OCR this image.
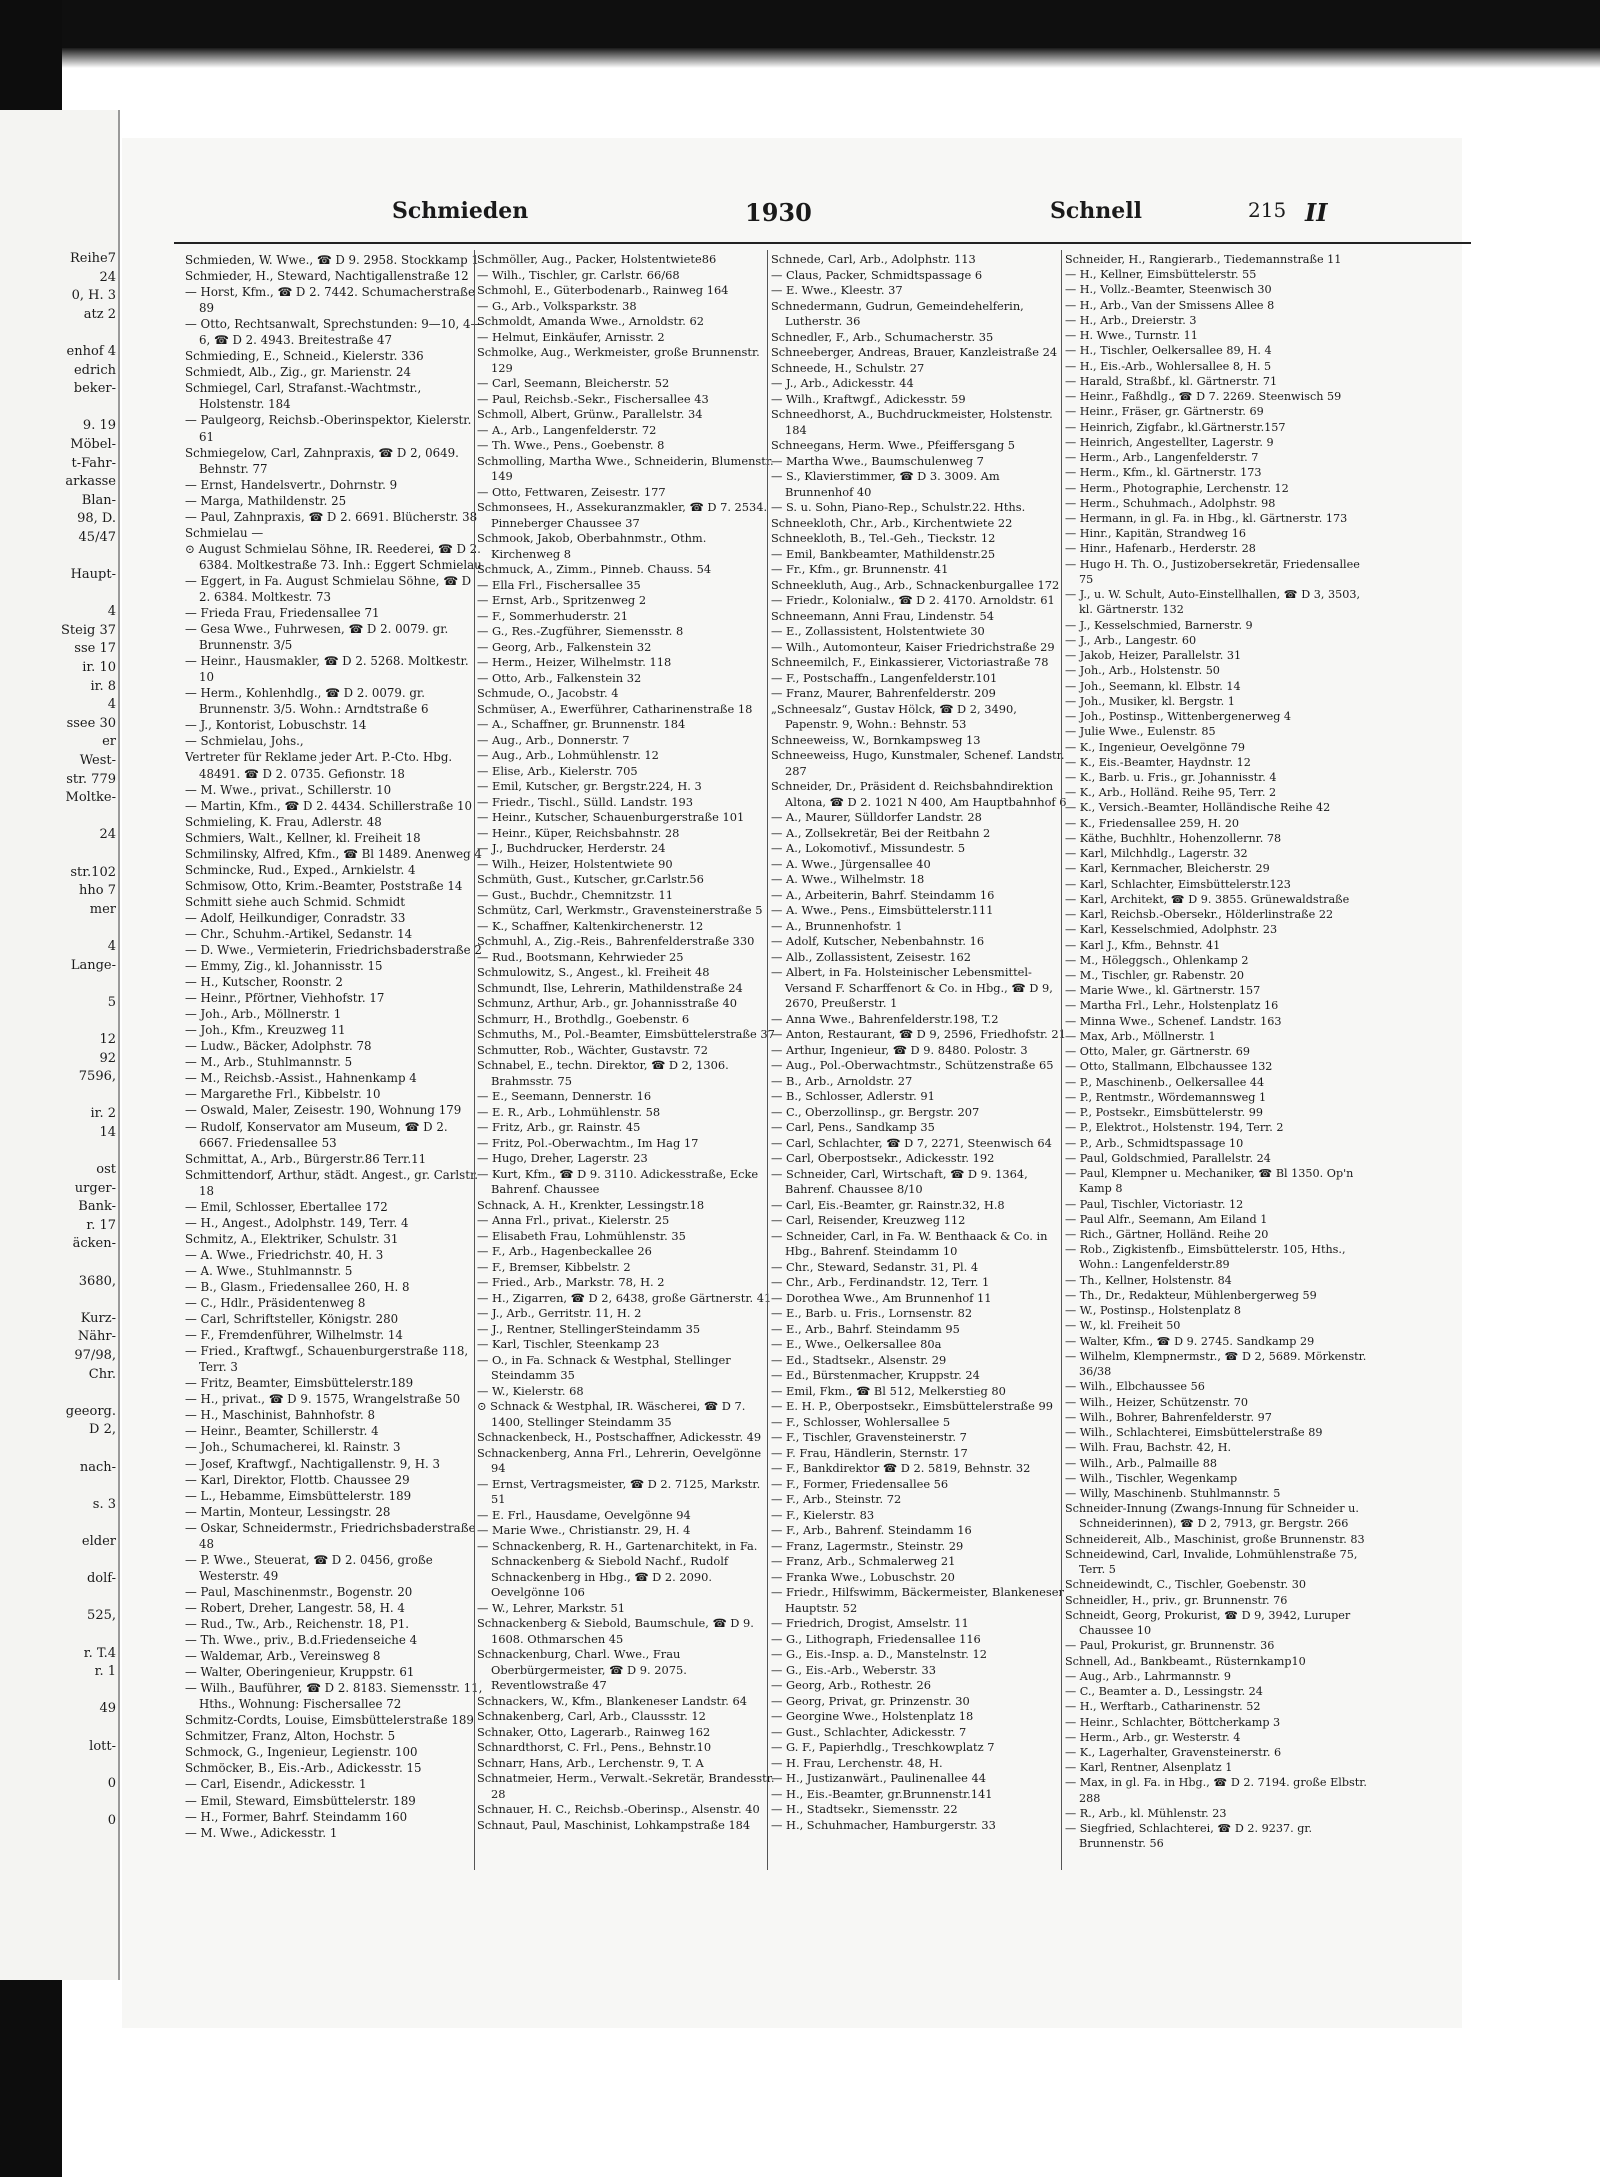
Reihe7
24
0, H. 3
atz 2

enhof 4
edrich
beker-

9. 19
Möbel-
t-Fahr-
arkasse
Blan-
98, D.
45/47

Haupt-

4
Steig 37
sse 17
ir. 10
ir. 8
4
ssee 30
er
West-
str. 779
Moltke-

24

str.102
hho 7
mer

4
Lange-

5

12
92
7596,

ir. 2
14

ost
urger-
Bank-
r. 17
äcken-

3680,

Kurz-
Nähr-
97/98,
Chr.

geeorg.
D 2,

nach-

s. 3

elder

dolf-

525,

r. T.4
r. 1

49

lott-

0

0
Schmieden	1930	Schnell	215 II
Schmieden, W. Wwe., ☎ D 9. 2958. Stockkamp 1
Schmieder, H., Steward, Nachtigallenstraße 12
— Horst, Kfm., ☎ D 2. 7442. Schumacherstraße 89
— Otto, Rechtsanwalt, Sprechstunden: 9—10, 4—6, ☎ D 2. 4943. Breitestraße 47
Schmieding, E., Schneid., Kielerstr. 336
Schmiedt, Alb., Zig., gr. Marienstr. 24
Schmiegel, Carl, Strafanst.-Wachtmstr., Holstenstr. 184
— Paulgeorg, Reichsb.-Oberinspektor, Kielerstr. 61
Schmiegelow, Carl, Zahnpraxis, ☎ D 2, 0649. Behnstr. 77
— Ernst, Handelsvertr., Dohrnstr. 9
— Marga, Mathildenstr. 25
— Paul, Zahnpraxis, ☎ D 2. 6691. Blücherstr. 38
Schmielau —
⊙ August Schmielau Söhne, IR. Reederei, ☎ D 2. 6384. Moltkestraße 73. Inh.: Eggert Schmielau
— Eggert, in Fa. August Schmielau Söhne, ☎ D 2. 6384. Moltkestr. 73
— Frieda Frau, Friedensallee 71
— Gesa Wwe., Fuhrwesen, ☎ D 2. 0079. gr. Brunnenstr. 3/5
— Heinr., Hausmakler, ☎ D 2. 5268. Moltkestr. 10
— Herm., Kohlenhdlg., ☎ D 2. 0079. gr. Brunnenstr. 3/5. Wohn.: Arndtstraße 6
— J., Kontorist, Lobuschstr. 14
— Schmielau, Johs.,
Vertreter für Reklame jeder Art. P.-Cto. Hbg. 48491. ☎ D 2. 0735. Gefionstr. 18
— M. Wwe., privat., Schillerstr. 10
— Martin, Kfm., ☎ D 2. 4434. Schillerstraße 10
Schmieling, K. Frau, Adlerstr. 48
Schmiers, Walt., Kellner, kl. Freiheit 18
Schmilinsky, Alfred, Kfm., ☎ Bl 1489. Anenweg 4
Schmincke, Rud., Exped., Arnkielstr. 4
Schmisow, Otto, Krim.-Beamter, Poststraße 14
Schmitt siehe auch Schmid. Schmidt
— Adolf, Heilkundiger, Conradstr. 33
— Chr., Schuhm.-Artikel, Sedanstr. 14
— D. Wwe., Vermieterin, Friedrichsbaderstraße 2
— Emmy, Zig., kl. Johannisstr. 15
— H., Kutscher, Roonstr. 2
— Heinr., Pförtner, Viehhofstr. 17
— Joh., Arb., Möllnerstr. 1
— Joh., Kfm., Kreuzweg 11
— Ludw., Bäcker, Adolphstr. 78
— M., Arb., Stuhlmannstr. 5
— M., Reichsb.-Assist., Hahnenkamp 4
— Margarethe Frl., Kibbelstr. 10
— Oswald, Maler, Zeisestr. 190, Wohnung 179
— Rudolf, Konservator am Museum, ☎ D 2. 6667. Friedensallee 53
Schmittat, A., Arb., Bürgerstr.86 Terr.11
Schmittendorf, Arthur, städt. Angest., gr. Carlstr. 18
— Emil, Schlosser, Ebertallee 172
— H., Angest., Adolphstr. 149, Terr. 4
Schmitz, A., Elektriker, Schulstr. 31
— A. Wwe., Friedrichstr. 40, H. 3
— A. Wwe., Stuhlmannstr. 5
— B., Glasm., Friedensallee 260, H. 8
— C., Hdlr., Präsidentenweg 8
— Carl, Schriftsteller, Königstr. 280
— F., Fremdenführer, Wilhelmstr. 14
— Fried., Kraftwgf., Schauenburgerstraße 118, Terr. 3
— Fritz, Beamter, Eimsbüttelerstr.189
— H., privat., ☎ D 9. 1575, Wrangelstraße 50
— H., Maschinist, Bahnhofstr. 8
— Heinr., Beamter, Schillerstr. 4
— Joh., Schumacherei, kl. Rainstr. 3
— Josef, Kraftwgf., Nachtigallenstr. 9, H. 3
— Karl, Direktor, Flottb. Chaussee 29
— L., Hebamme, Eimsbüttelerstr. 189
— Martin, Monteur, Lessingstr. 28
— Oskar, Schneidermstr., Friedrichsbaderstraße 48
— P. Wwe., Steuerat, ☎ D 2. 0456, große Westerstr. 49
— Paul, Maschinenmstr., Bogenstr. 20
— Robert, Dreher, Langestr. 58, H. 4
— Rud., Tw., Arb., Reichenstr. 18, P1.
— Th. Wwe., priv., B.d.Friedenseiche 4
— Waldemar, Arb., Vereinsweg 8
— Walter, Oberingenieur, Kruppstr. 61
— Wilh., Bauführer, ☎ D 2. 8183. Siemensstr. 11, Hths., Wohnung: Fischersallee 72
Schmitz-Cordts, Louise, Eimsbüttelerstraße 189
Schmitzer, Franz, Alton, Hochstr. 5
Schmock, G., Ingenieur, Legienstr. 100
Schmöcker, B., Eis.-Arb., Adickesstr. 15
— Carl, Eisendr., Adickesstr. 1
— Emil, Steward, Eimsbüttelerstr. 189
— H., Former, Bahrf. Steindamm 160
— M. Wwe., Adickesstr. 1
Schmöller, Aug., Packer, Holstentwiete86
— Wilh., Tischler, gr. Carlstr. 66/68
Schmohl, E., Güterbodenarb., Rainweg 164
— G., Arb., Volksparkstr. 38
Schmoldt, Amanda Wwe., Arnoldstr. 62
— Helmut, Einkäufer, Arnisstr. 2
Schmolke, Aug., Werkmeister, große Brunnenstr. 129
— Carl, Seemann, Bleicherstr. 52
— Paul, Reichsb.-Sekr., Fischersallee 43
Schmoll, Albert, Grünw., Parallelstr. 34
— A., Arb., Langenfelderstr. 72
— Th. Wwe., Pens., Goebenstr. 8
Schmolling, Martha Wwe., Schneiderin, Blumenstr. 149
— Otto, Fettwaren, Zeisestr. 177
Schmonsees, H., Assekuranzmakler, ☎ D 7. 2534. Pinneberger Chaussee 37
Schmook, Jakob, Oberbahnmstr., Othm. Kirchenweg 8
Schmuck, A., Zimm., Pinneb. Chauss. 54
— Ella Frl., Fischersallee 35
— Ernst, Arb., Spritzenweg 2
— F., Sommerhuderstr. 21
— G., Res.-Zugführer, Siemensstr. 8
— Georg, Arb., Falkenstein 32
— Herm., Heizer, Wilhelmstr. 118
— Otto, Arb., Falkenstein 32
Schmude, O., Jacobstr. 4
Schmüser, A., Ewerführer, Catharinenstraße 18
— A., Schaffner, gr. Brunnenstr. 184
— Aug., Arb., Donnerstr. 7
— Aug., Arb., Lohmühlenstr. 12
— Elise, Arb., Kielerstr. 705
— Emil, Kutscher, gr. Bergstr.224, H. 3
— Friedr., Tischl., Sülld. Landstr. 193
— Heinr., Kutscher, Schauenburgerstraße 101
— Heinr., Küper, Reichsbahnstr. 28
— J., Buchdrucker, Herderstr. 24
— Wilh., Heizer, Holstentwiete 90
Schmüth, Gust., Kutscher, gr.Carlstr.56
— Gust., Buchdr., Chemnitzstr. 11
Schmütz, Carl, Werkmstr., Gravensteinerstraße 5
— K., Schaffner, Kaltenkirchenerstr. 12
Schmuhl, A., Zig.-Reis., Bahrenfelderstraße 330
— Rud., Bootsmann, Kehrwieder 25
Schmulowitz, S., Angest., kl. Freiheit 48
Schmundt, Ilse, Lehrerin, Mathildenstraße 24
Schmunz, Arthur, Arb., gr. Johannisstraße 40
Schmurr, H., Brothdlg., Goebenstr. 6
Schmuths, M., Pol.-Beamter, Eimsbüttelerstraße 37
Schmutter, Rob., Wächter, Gustavstr. 72
Schnabel, E., techn. Direktor, ☎ D 2, 1306. Brahmsstr. 75
— E., Seemann, Dennerstr. 16
— E. R., Arb., Lohmühlenstr. 58
— Fritz, Arb., gr. Rainstr. 45
— Fritz, Pol.-Oberwachtm., Im Hag 17
— Hugo, Dreher, Lagerstr. 23
— Kurt, Kfm., ☎ D 9. 3110. Adickesstraße, Ecke Bahrenf. Chaussee
Schnack, A. H., Krenkter, Lessingstr.18
— Anna Frl., privat., Kielerstr. 25
— Elisabeth Frau, Lohmühlenstr. 35
— F., Arb., Hagenbeckallee 26
— F., Bremser, Kibbelstr. 2
— Fried., Arb., Markstr. 78, H. 2
— H., Zigarren, ☎ D 2, 6438, große Gärtnerstr. 41
— J., Arb., Gerritstr. 11, H. 2
— J., Rentner, StellingerSteindamm 35
— Karl, Tischler, Steenkamp 23
— O., in Fa. Schnack & Westphal, Stellinger Steindamm 35
— W., Kielerstr. 68
⊙ Schnack & Westphal, IR. Wäscherei, ☎ D 7. 1400, Stellinger Steindamm 35
Schnackenbeck, H., Postschaffner, Adickesstr. 49
Schnackenberg, Anna Frl., Lehrerin, Oevelgönne 94
— Ernst, Vertragsmeister, ☎ D 2. 7125, Markstr. 51
— E. Frl., Hausdame, Oevelgönne 94
— Marie Wwe., Christianstr. 29, H. 4
— Schnackenberg, R. H., Gartenarchitekt, in Fa. Schnackenberg & Siebold Nachf., Rudolf Schnackenberg in Hbg., ☎ D 2. 2090. Oevelgönne 106
— W., Lehrer, Markstr. 51
Schnackenberg & Siebold, Baumschule, ☎ D 9. 1608. Othmarschen 45
Schnackenburg, Charl. Wwe., Frau Oberbürgermeister, ☎ D 9. 2075. Reventlowstraße 47
Schnackers, W., Kfm., Blankeneser Landstr. 64
Schnakenberg, Carl, Arb., Claussstr. 12
Schnaker, Otto, Lagerarb., Rainweg 162
Schnardthorst, C. Frl., Pens., Behnstr.10
Schnarr, Hans, Arb., Lerchenstr. 9, T. A
Schnatmeier, Herm., Verwalt.-Sekretär, Brandesstr. 28
Schnauer, H. C., Reichsb.-Oberinsp., Alsenstr. 40
Schnaut, Paul, Maschinist, Lohkampstraße 184
Schnede, Carl, Arb., Adolphstr. 113
— Claus, Packer, Schmidtspassage 6
— E. Wwe., Kleestr. 37
Schnedermann, Gudrun, Gemeindehelferin, Lutherstr. 36
Schnedler, F., Arb., Schumacherstr. 35
Schneeberger, Andreas, Brauer, Kanzleistraße 24
Schneede, H., Schulstr. 27
— J., Arb., Adickesstr. 44
— Wilh., Kraftwgf., Adickesstr. 59
Schneedhorst, A., Buchdruckmeister, Holstenstr. 184
Schneegans, Herm. Wwe., Pfeiffersgang 5
— Martha Wwe., Baumschulenweg 7
— S., Klavierstimmer, ☎ D 3. 3009. Am Brunnenhof 40
— S. u. Sohn, Piano-Rep., Schulstr.22. Hths.
Schneekloth, Chr., Arb., Kirchentwiete 22
Schneekloth, B., Tel.-Geh., Tieckstr. 12
— Emil, Bankbeamter, Mathildenstr.25
— Fr., Kfm., gr. Brunnenstr. 41
Schneekluth, Aug., Arb., Schnackenburgallee 172
— Friedr., Kolonialw., ☎ D 2. 4170. Arnoldstr. 61
Schneemann, Anni Frau, Lindenstr. 54
— E., Zollassistent, Holstentwiete 30
— Wilh., Automonteur, Kaiser Friedrichstraße 29
Schneemilch, F., Einkassierer, Victoriastraße 78
— F., Postschaffn., Langenfelderstr.101
— Franz, Maurer, Bahrenfelderstr. 209
„Schneesalz“, Gustav Hölck, ☎ D 2, 3490, Papenstr. 9, Wohn.: Behnstr. 53
Schneeweiss, W., Bornkampsweg 13
Schneeweiss, Hugo, Kunstmaler, Schenef. Landstr. 287
Schneider, Dr., Präsident d. Reichsbahndirektion Altona, ☎ D 2. 1021 N 400, Am Hauptbahnhof 6
— A., Maurer, Sülldorfer Landstr. 28
— A., Zollsekretär, Bei der Reitbahn 2
— A., Lokomotivf., Missundestr. 5
— A. Wwe., Jürgensallee 40
— A. Wwe., Wilhelmstr. 18
— A., Arbeiterin, Bahrf. Steindamm 16
— A. Wwe., Pens., Eimsbüttelerstr.111
— A., Brunnenhofstr. 1
— Adolf, Kutscher, Nebenbahnstr. 16
— Alb., Zollassistent, Zeisestr. 162
— Albert, in Fa. Holsteinischer Lebensmittel-Versand F. Scharffenort & Co. in Hbg., ☎ D 9, 2670, Preußerstr. 1
— Anna Wwe., Bahrenfelderstr.198, T.2
— Anton, Restaurant, ☎ D 9, 2596, Friedhofstr. 21
— Arthur, Ingenieur, ☎ D 9. 8480. Polostr. 3
— Aug., Pol.-Oberwachtmstr., Schützenstraße 65
— B., Arb., Arnoldstr. 27
— B., Schlosser, Adlerstr. 91
— C., Oberzollinsp., gr. Bergstr. 207
— Carl, Pens., Sandkamp 35
— Carl, Schlachter, ☎ D 7, 2271, Steenwisch 64
— Carl, Oberpostsekr., Adickesstr. 192
— Schneider, Carl, Wirtschaft, ☎ D 9. 1364, Bahrenf. Chaussee 8/10
— Carl, Eis.-Beamter, gr. Rainstr.32, H.8
— Carl, Reisender, Kreuzweg 112
— Schneider, Carl, in Fa. W. Benthaack & Co. in Hbg., Bahrenf. Steindamm 10
— Chr., Steward, Sedanstr. 31, Pl. 4
— Chr., Arb., Ferdinandstr. 12, Terr. 1
— Dorothea Wwe., Am Brunnenhof 11
— E., Barb. u. Fris., Lornsenstr. 82
— E., Arb., Bahrf. Steindamm 95
— E., Wwe., Oelkersallee 80a
— Ed., Stadtsekr., Alsenstr. 29
— Ed., Bürstenmacher, Kruppstr. 24
— Emil, Fkm., ☎ Bl 512, Melkerstieg 80
— E. H. P., Oberpostsekr., Eimsbüttelerstraße 99
— F., Schlosser, Wohlersallee 5
— F., Tischler, Gravensteinerstr. 7
— F. Frau, Händlerin, Sternstr. 17
— F., Bankdirektor ☎ D 2. 5819, Behnstr. 32
— F., Former, Friedensallee 56
— F., Arb., Steinstr. 72
— F., Kielerstr. 83
— F., Arb., Bahrenf. Steindamm 16
— Franz, Lagermstr., Steinstr. 29
— Franz, Arb., Schmalerweg 21
— Franka Wwe., Lobuschstr. 20
— Friedr., Hilfswimm, Bäckermeister, Blankeneser Hauptstr. 52
— Friedrich, Drogist, Amselstr. 11
— G., Lithograph, Friedensallee 116
— G., Eis.-Insp. a. D., Manstelnstr. 12
— G., Eis.-Arb., Weberstr. 33
— Georg, Arb., Rothestr. 26
— Georg, Privat, gr. Prinzenstr. 30
— Georgine Wwe., Holstenplatz 18
— Gust., Schlachter, Adickesstr. 7
— G. F., Papierhdlg., Treschkowplatz 7
— H. Frau, Lerchenstr. 48, H.
— H., Justizanwärt., Paulinenallee 44
— H., Eis.-Beamter, gr.Brunnenstr.141
— H., Stadtsekr., Siemensstr. 22
— H., Schuhmacher, Hamburgerstr. 33
Schneider, H., Rangierarb., Tiedemannstraße 11
— H., Kellner, Eimsbüttelerstr. 55
— H., Vollz.-Beamter, Steenwisch 30
— H., Arb., Van der Smissens Allee 8
— H., Arb., Dreierstr. 3
— H. Wwe., Turnstr. 11
— H., Tischler, Oelkersallee 89, H. 4
— H., Eis.-Arb., Wohlersallee 8, H. 5
— Harald, Straßbf., kl. Gärtnerstr. 71
— Heinr., Faßhdlg., ☎ D 7. 2269. Steenwisch 59
— Heinr., Fräser, gr. Gärtnerstr. 69
— Heinrich, Zigfabr., kl.Gärtnerstr.157
— Heinrich, Angestellter, Lagerstr. 9
— Herm., Arb., Langenfelderstr. 7
— Herm., Kfm., kl. Gärtnerstr. 173
— Herm., Photographie, Lerchenstr. 12
— Herm., Schuhmach., Adolphstr. 98
— Hermann, in gl. Fa. in Hbg., kl. Gärtnerstr. 173
— Hinr., Kapitän, Strandweg 16
— Hinr., Hafenarb., Herderstr. 28
— Hugo H. Th. O., Justizobersekretär, Friedensallee 75
— J., u. W. Schult, Auto-Einstellhallen, ☎ D 3, 3503, kl. Gärtnerstr. 132
— J., Kesselschmied, Barnerstr. 9
— J., Arb., Langestr. 60
— Jakob, Heizer, Parallelstr. 31
— Joh., Arb., Holstenstr. 50
— Joh., Seemann, kl. Elbstr. 14
— Joh., Musiker, kl. Bergstr. 1
— Joh., Postinsp., Wittenbergenerweg 4
— Julie Wwe., Eulenstr. 85
— K., Ingenieur, Oevelgönne 79
— K., Eis.-Beamter, Haydnstr. 12
— K., Barb. u. Fris., gr. Johannisstr. 4
— K., Arb., Holländ. Reihe 95, Terr. 2
— K., Versich.-Beamter, Holländische Reihe 42
— K., Friedensallee 259, H. 20
— Käthe, Buchhltr., Hohenzollernr. 78
— Karl, Milchhdlg., Lagerstr. 32
— Karl, Kernmacher, Bleicherstr. 29
— Karl, Schlachter, Eimsbüttelerstr.123
— Karl, Architekt, ☎ D 9. 3855. Grünewaldstraße
— Karl, Reichsb.-Obersekr., Hölderlinstraße 22
— Karl, Kesselschmied, Adolphstr. 23
— Karl J., Kfm., Behnstr. 41
— M., Höleggsch., Ohlenkamp 2
— M., Tischler, gr. Rabenstr. 20
— Marie Wwe., kl. Gärtnerstr. 157
— Martha Frl., Lehr., Holstenplatz 16
— Minna Wwe., Schenef. Landstr. 163
— Max, Arb., Möllnerstr. 1
— Otto, Maler, gr. Gärtnerstr. 69
— Otto, Stallmann, Elbchaussee 132
— P., Maschinenb., Oelkersallee 44
— P., Rentmstr., Wördemannsweg 1
— P., Postsekr., Eimsbüttelerstr. 99
— P., Elektrot., Holstenstr. 194, Terr. 2
— P., Arb., Schmidtspassage 10
— Paul, Goldschmied, Parallelstr. 24
— Paul, Klempner u. Mechaniker, ☎ Bl 1350. Op'n Kamp 8
— Paul, Tischler, Victoriastr. 12
— Paul Alfr., Seemann, Am Eiland 1
— Rich., Gärtner, Holländ. Reihe 20
— Rob., Zigkistenfb., Eimsbüttelerstr. 105, Hths., Wohn.: Langenfelderstr.89
— Th., Kellner, Holstenstr. 84
— Th., Dr., Redakteur, Mühlenbergerweg 59
— W., Postinsp., Holstenplatz 8
— W., kl. Freiheit 50
— Walter, Kfm., ☎ D 9. 2745. Sandkamp 29
— Wilhelm, Klempnermstr., ☎ D 2, 5689. Mörkenstr. 36/38
— Wilh., Elbchaussee 56
— Wilh., Heizer, Schützenstr. 70
— Wilh., Bohrer, Bahrenfelderstr. 97
— Wilh., Schlachterei, Eimsbüttelerstraße 89
— Wilh. Frau, Bachstr. 42, H.
— Wilh., Arb., Palmaille 88
— Wilh., Tischler, Wegenkamp
— Willy, Maschinenb. Stuhlmannstr. 5
Schneider-Innung (Zwangs-Innung für Schneider u. Schneiderinnen), ☎ D 2, 7913, gr. Bergstr. 266
Schneidereit, Alb., Maschinist, große Brunnenstr. 83
Schneidewind, Carl, Invalide, Lohmühlenstraße 75, Terr. 5
Schneidewindt, C., Tischler, Goebenstr. 30
Schneidler, H., priv., gr. Brunnenstr. 76
Schneidt, Georg, Prokurist, ☎ D 9, 3942, Luruper Chaussee 10
— Paul, Prokurist, gr. Brunnenstr. 36
Schnell, Ad., Bankbeamt., Rüsternkamp10
— Aug., Arb., Lahrmannstr. 9
— C., Beamter a. D., Lessingstr. 24
— H., Werftarb., Catharinenstr. 52
— Heinr., Schlachter, Böttcherkamp 3
— Herm., Arb., gr. Westerstr. 4
— K., Lagerhalter, Gravensteinerstr. 6
— Karl, Rentner, Alsenplatz 1
— Max, in gl. Fa. in Hbg., ☎ D 2. 7194. große Elbstr. 288
— R., Arb., kl. Mühlenstr. 23
— Siegfried, Schlachterei, ☎ D 2. 9237. gr. Brunnenstr. 56
